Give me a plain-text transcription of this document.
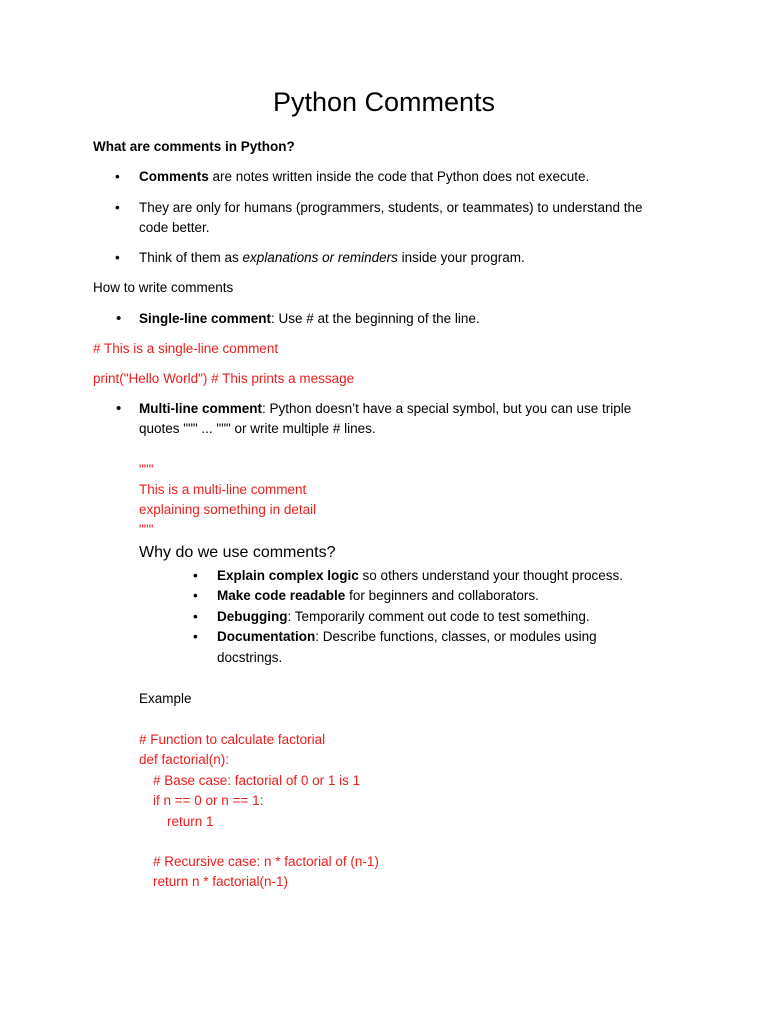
Python Comments
What are comments in Python?
• Comments are notes written inside the code that Python does not execute.
• They are only for humans (programmers, students, or teammates) to understand the
code better.
• Think of them as explanations or reminders inside your program.
How to write comments
• Single-line comment: Use # at the beginning of the line.
# This is a single-line comment
print("Hello World") # This prints a message
• Multi-line comment: Python doesn’t have a special symbol, but you can use triple
quotes """ ... """ or write multiple # lines.
"""
This is a multi-line comment
explaining something in detail
"""
Why do we use comments?
• Explain complex logic so others understand your thought process.
• Make code readable for beginners and collaborators.
• Debugging: Temporarily comment out code to test something.
• Documentation: Describe functions, classes, or modules using
docstrings.
Example
# Function to calculate factorial
def factorial(n):
# Base case: factorial of 0 or 1 is 1
if n == 0 or n == 1:
return 1
# Recursive case: n * factorial of (n-1)
return n * factorial(n-1)
